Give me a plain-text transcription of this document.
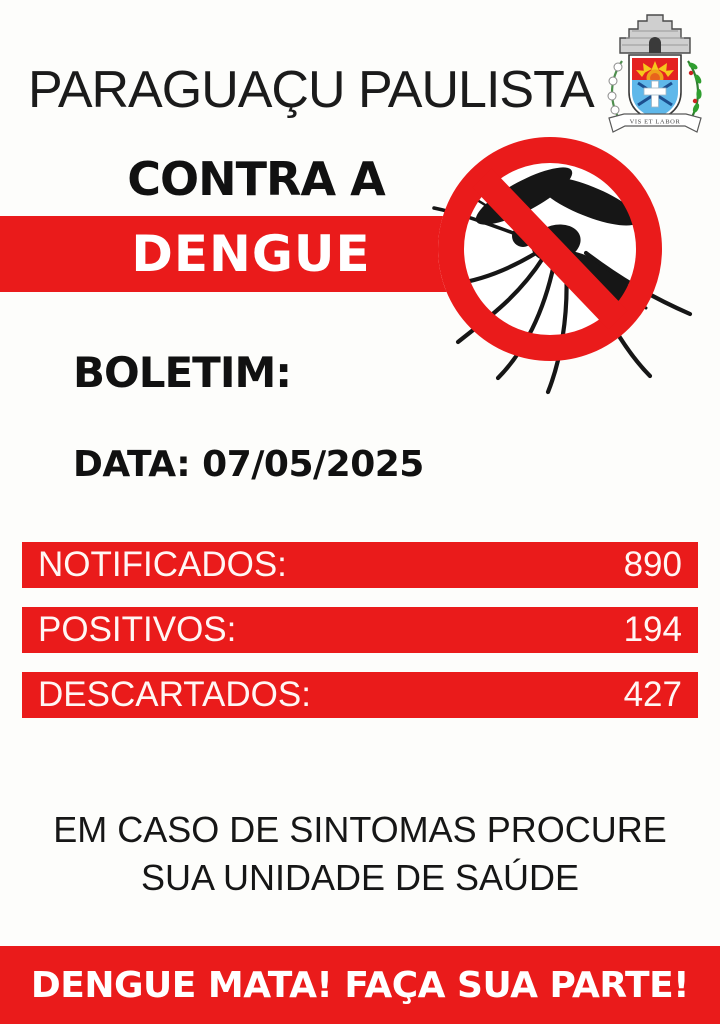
PARAGUAÇU PAULISTA
VIS ET LABOR
CONTRA A
DENGUE
BOLETIM:
DATA: 07/05/2025
NOTIFICADOS:	890
POSITIVOS:	194
DESCARTADOS:	427
EM CASO DE SINTOMAS PROCURE
SUA UNIDADE DE SAÚDE
DENGUE MATA! FAÇA SUA PARTE!
